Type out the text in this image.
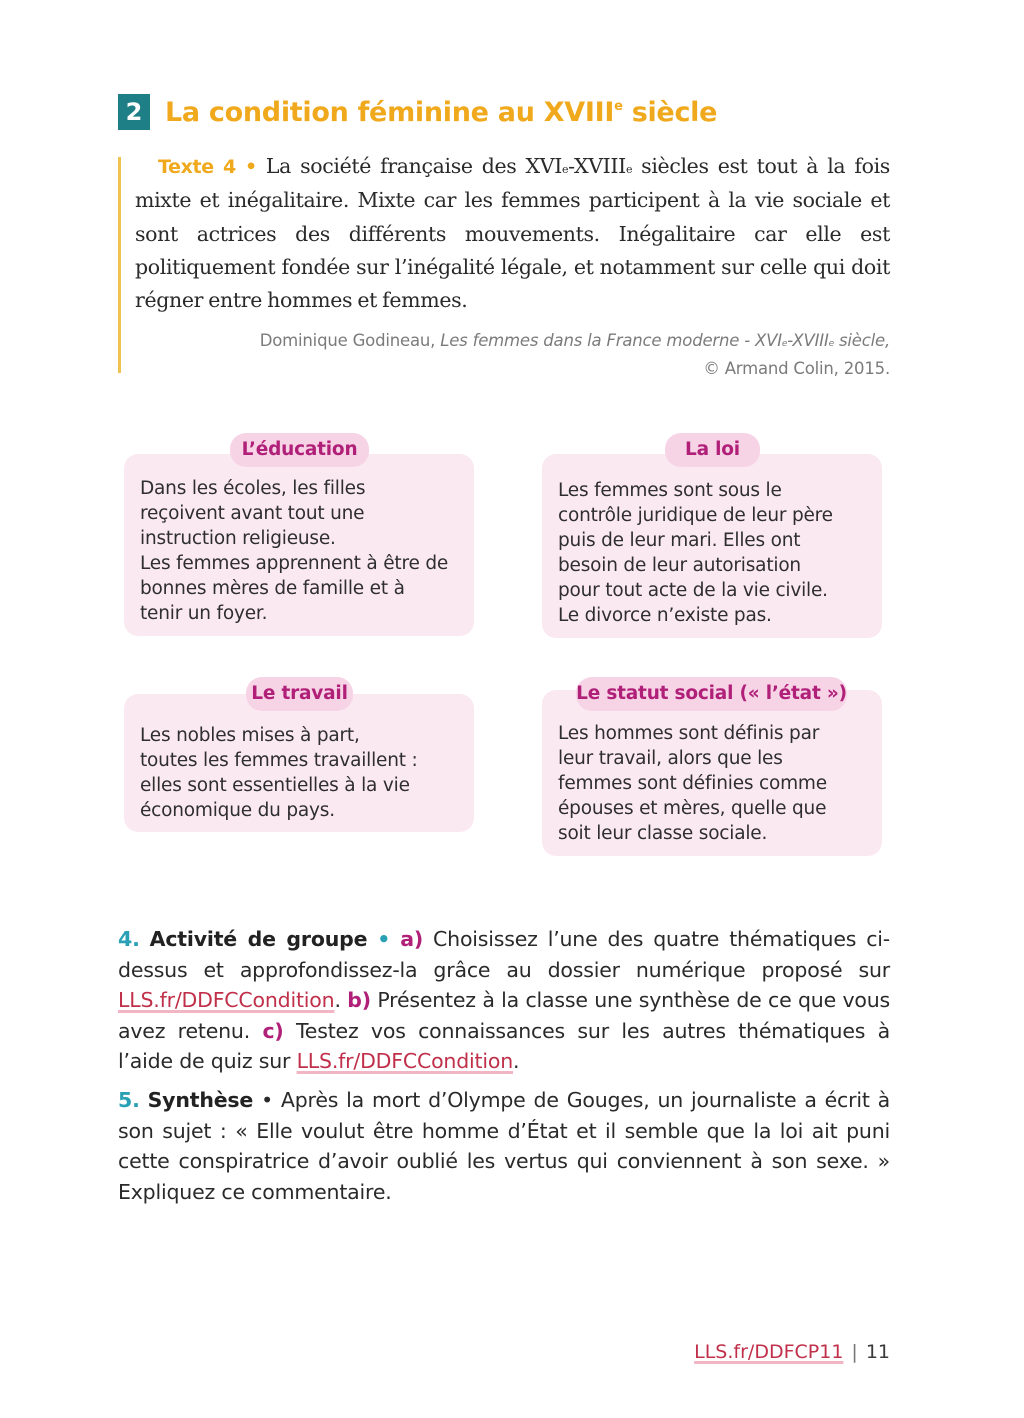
2 La condition féminine au XVIIIe siècle
Texte 4 • La société française des XVIe-XVIIIe siècles est tout à la fois mixte et inégalitaire. Mixte car les femmes participent à la vie sociale et sont actrices des différents mouvements. Inégalitaire car elle est politiquement fondée sur l’inégalité légale, et notamment sur celle qui doit régner entre hommes et femmes.
Dominique Godineau, Les femmes dans la France moderne - XVIe-XVIIIe siècle,
© Armand Colin, 2015.
Dans les écoles, les filles
reçoivent avant tout une
instruction religieuse.
Les femmes apprennent à être de
bonnes mères de famille et à
tenir un foyer.
L’éducation
Les femmes sont sous le
contrôle juridique de leur père
puis de leur mari. Elles ont
besoin de leur autorisation
pour tout acte de la vie civile.
Le divorce n’existe pas.
La loi
Les nobles mises à part,
toutes les femmes travaillent :
elles sont essentielles à la vie
économique du pays.
Le travail
Les hommes sont définis par
leur travail, alors que les
femmes sont définies comme
épouses et mères, quelle que
soit leur classe sociale.
Le statut social (« l’état »)
4. Activité de groupe • a) Choisissez l’une des quatre thématiques ci-dessus et approfondissez-la grâce au dossier numérique proposé sur LLS.fr/DDFCCondition. b) Présentez à la classe une synthèse de ce que vous avez retenu. c) Testez vos connaissances sur les autres thématiques à l’aide de quiz sur LLS.fr/DDFCCondition.
5. Synthèse • Après la mort d’Olympe de Gouges, un journaliste a écrit à son sujet : « Elle voulut être homme d’État et il semble que la loi ait puni cette conspiratrice d’avoir oublié les vertus qui conviennent à son sexe. » Expliquez ce commentaire.
LLS.fr/DDFCP11 | 11
